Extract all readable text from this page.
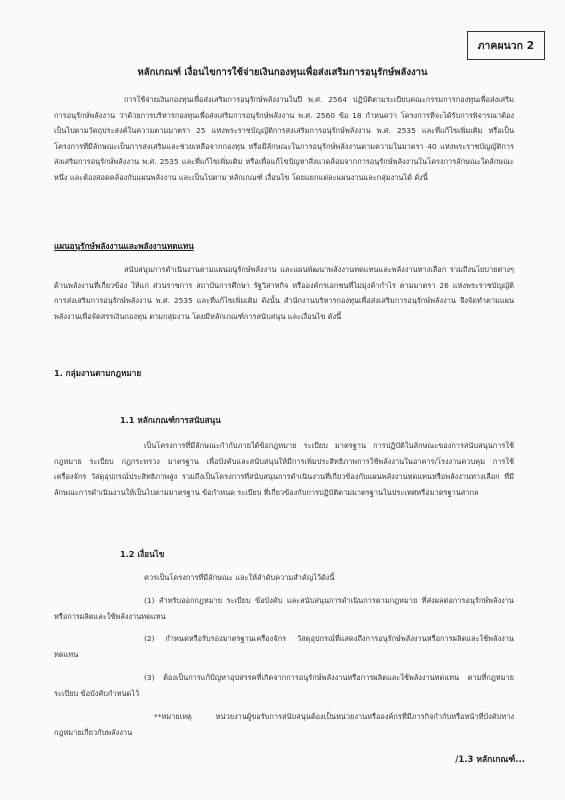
ภาคผนวก 2
หลักเกณฑ์ เงื่อนไขการใช้จ่ายเงินกองทุนเพื่อส่งเสริมการอนุรักษ์พลังงาน
การใช้จ่ายเงินกองทุนเพื่อส่งเสริมการอนุรักษ์พลังงานในปี พ.ศ. 2564 ปฏิบัติตามระเบียบคณะกรรมการกองทุนเพื่อส่งเสริมการอนุรักษ์พลังงาน ว่าด้วยการบริหารกองทุนเพื่อส่งเสริมการอนุรักษ์พลังงาน พ.ศ. 2560 ข้อ 18 กำหนดว่า โครงการที่จะได้รับการพิจารณาต้องเป็นไปตามวัตถุประสงค์ในความตามมาตรา 25 แห่งพระราชบัญญัติการส่งเสริมการอนุรักษ์พลังงาน พ.ศ. 2535 และที่แก้ไขเพิ่มเติม หรือเป็นโครงการที่มีลักษณะเป็นการส่งเสริมและช่วยเหลือจากกองทุน หรือมีลักษณะในการอนุรักษ์พลังงานตามความในมาตรา 40 แห่งพระราชบัญญัติการส่งเสริมการอนุรักษ์พลังงาน พ.ศ. 2535 และที่แก้ไขเพิ่มเติม หรือเพื่อแก้ไขปัญหาสิ่งแวดล้อมจากการอนุรักษ์พลังงานในโครงการลักษณะใดลักษณะหนึ่ง และต้องสอดคล้องกับแผนพลังงาน และเป็นไปตาม หลักเกณฑ์ เงื่อนไข โดยแยกแต่ละแผนงานและกลุ่มงานได้ ดังนี้
แผนอนุรักษ์พลังงานและพลังงานทดแทน
สนับสนุนการดำเนินงานตามแผนอนุรักษ์พลังงาน และแผนพัฒนาพลังงานทดแทนและพลังงานทางเลือก รวมถึงนโยบายต่างๆ ด้านพลังงานที่เกี่ยวข้อง ให้แก่ ส่วนราชการ สถาบันการศึกษา รัฐวิสาหกิจ หรือองค์กรเอกชนที่ไม่มุ่งค้ากำไร ตามมาตรา 26 แห่งพระราชบัญญัติการส่งเสริมการอนุรักษ์พลังงาน พ.ศ. 2535 และที่แก้ไขเพิ่มเติม ดังนั้น สำนักงานบริหารกองทุนเพื่อส่งเสริมการอนุรักษ์พลังงาน จึงจัดทำตามแผนพลังงานเพื่อจัดสรรเงินกองทุน ตามกลุ่มงาน โดยมีหลักเกณฑ์การสนับสนุน และเงื่อนไข ดังนี้
1. กลุ่มงานตามกฎหมาย
1.1 หลักเกณฑ์การสนับสนุน
เป็นโครงการที่มีลักษณะกำกับภายใต้ข้อกฎหมาย ระเบียบ มาตรฐาน การปฏิบัติในลักษณะของการสนับสนุนการใช้กฎหมาย ระเบียบ กฎกระทรวง มาตรฐาน เพื่อบังคับและสนับสนุนให้มีการเพิ่มประสิทธิภาพการใช้พลังงานในอาคาร/โรงงานควบคุม การใช้เครื่องจักร วัสดุอุปกรณ์ประสิทธิภาพสูง รวมถึงเป็นโครงการที่สนับสนุนการดำเนินงานที่เกี่ยวข้องกับแผนพลังงานทดแทนหรือพลังงานทางเลือก ที่มีลักษณะการดำเนินงานให้เป็นไปตามมาตรฐาน ข้อกำหนด ระเบียบ ที่เกี่ยวข้องกับการปฏิบัติตามมาตรฐานในประเทศหรือมาตรฐานสากล
1.2 เงื่อนไข
ควรเป็นโครงการที่มีลักษณะ และให้ลำดับความสำคัญไว้ดังนี้
(1) สำหรับออกกฎหมาย ระเบียบ ข้อบังคับ และสนับสนุนการดำเนินการตามกฎหมาย ที่ส่งผลต่อการอนุรักษ์พลังงานหรือการผลิตและใช้พลังงานทดแทน
(2) กำหนดหรือรับรองมาตรฐานเครื่องจักร วัสดุอุปกรณ์ที่แสดงถึงการอนุรักษ์พลังงานหรือการผลิตและใช้พลังงานทดแทน
(3) ต้องเป็นการแก้ปัญหาอุปสรรคที่เกิดจากการอนุรักษ์พลังงานหรือการผลิตและใช้พลังงานทดแทน ตามที่กฎหมาย ระเบียบ ข้อบังคับกำหนดไว้
**หมายเหตุ หน่วยงานผู้ขอรับการสนับสนุนต้องเป็นหน่วยงานหรือองค์กรที่มีภารกิจกำกับหรือหน้าที่บังคับทางกฎหมายเกี่ยวกับพลังงาน
/1.3 หลักเกณฑ์...
